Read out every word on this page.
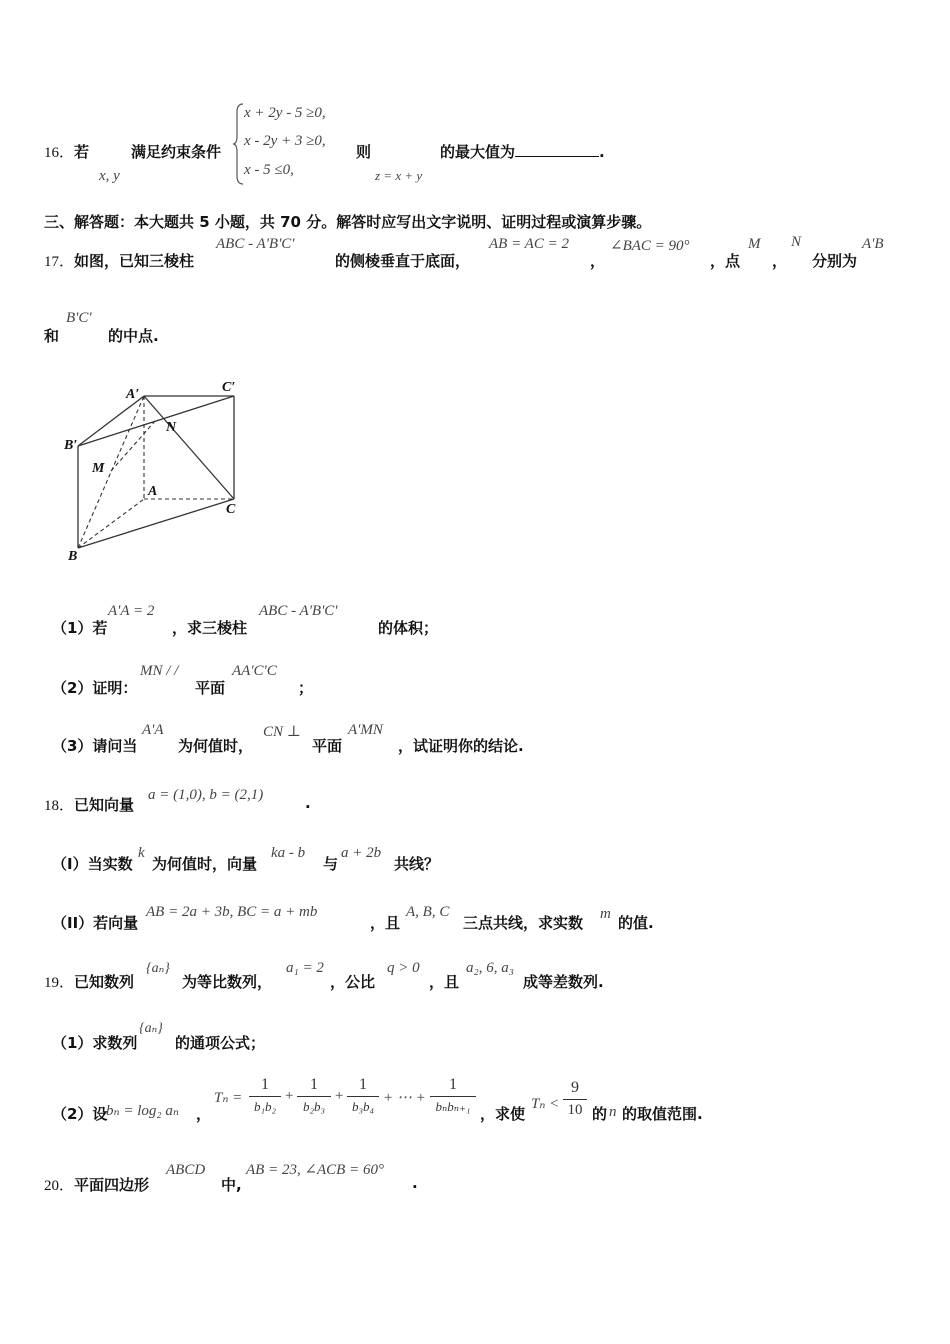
16．若
x, y
满足约束条件
x + 2y - 5 ≥0,
x - 2y + 3 ≥0,
x - 5 ≤0,
则
z = x + y
的最大值为	.
三、解答题：本大题共 5 小题，共 70 分。解答时应写出文字说明、证明过程或演算步骤。
17．如图，已知三棱柱
ABC - A'B'C'
的侧棱垂直于底面，
AB = AC = 2
，
∠BAC = 90°
，点
M
，
N
分别为
A'B
和
B'C'
的中点.
A′	C′
B′
N
M
A
C
B
（1）若
A'A = 2
，求三棱柱
ABC - A'B'C'
的体积；
（2）证明：
MN / /
平面
AA'C'C
；
（3）请问当
A'A
为何值时，
CN ⊥
平面
A'MN
，试证明你的结论.
18．已知向量
a = (1,0), b = (2,1)	.
（I）当实数
k
为何值时，向量
ka - b
与
a + 2b
共线？
（II）若向量
AB = 2a + 3b, BC = a + mb
，且
A, B, C
三点共线，求实数 m 的值.
19．已知数列
{aₙ}
为等比数列，
a₁ = 2
，公比
q > 0
，且
a₂, 6, a₃
成等差数列.
（1）求数列
{aₙ}
的通项公式；
（2）设
bₙ = log₂ aₙ ，
Tₙ =
1
b₁b₂
+
1
b₂b₃
+
1
b₃b₄
+ ⋯ +
1
bₙbₙ₊₁ ，求使
Tₙ <
9
10 的 n 的取值范围.
20．平面四边形
ABCD
中,
AB = 23, ∠ACB = 60°
.
